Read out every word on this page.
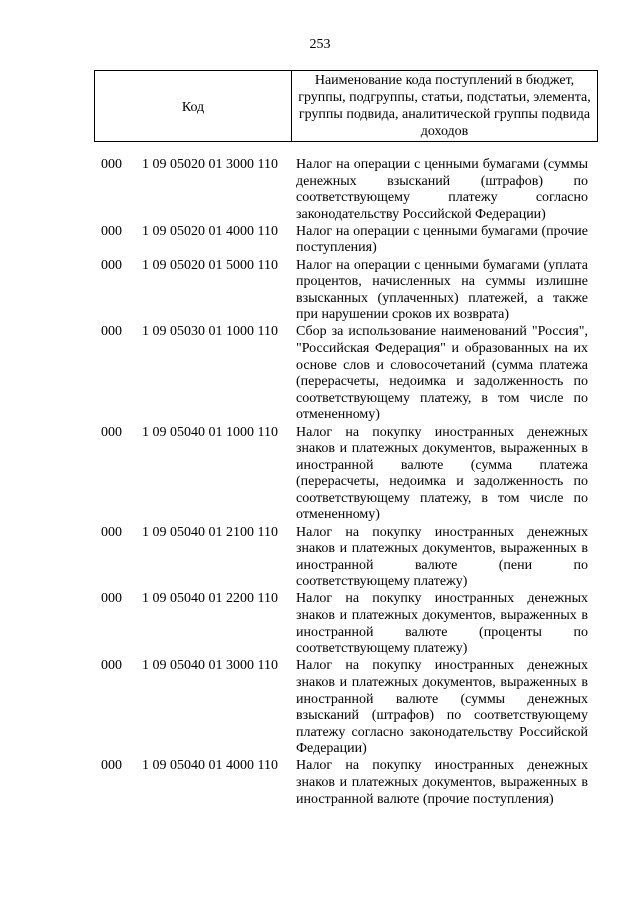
253
Код
Наименование кода поступлений в бюджет, группы, подгруппы, статьи, подстатьи, элемента, группы подвида, аналитической группы подвида доходов
000 1 09 05020 01 3000 110 Налог на операции с ценными бумагами (суммы денежных взысканий (штрафов) по соответствующему платежу согласно законодательству Российской Федерации)
000 1 09 05020 01 4000 110 Налог на операции с ценными бумагами (прочие поступления)
000 1 09 05020 01 5000 110 Налог на операции с ценными бумагами (уплата процентов, начисленных на суммы излишне взысканных (уплаченных) платежей, а также при нарушении сроков их возврата)
000 1 09 05030 01 1000 110 Сбор за использование наименований "Россия", "Российская Федерация" и образованных на их основе слов и словосочетаний (сумма платежа (перерасчеты, недоимка и задолженность по соответствующему платежу, в том числе по отмененному)
000 1 09 05040 01 1000 110 Налог на покупку иностранных денежных знаков и платежных документов, выраженных в иностранной валюте (сумма платежа (перерасчеты, недоимка и задолженность по соответствующему платежу, в том числе по отмененному)
000 1 09 05040 01 2100 110 Налог на покупку иностранных денежных знаков и платежных документов, выраженных в иностранной валюте (пени по соответствующему платежу)
000 1 09 05040 01 2200 110 Налог на покупку иностранных денежных знаков и платежных документов, выраженных в иностранной валюте (проценты по соответствующему платежу)
000 1 09 05040 01 3000 110 Налог на покупку иностранных денежных знаков и платежных документов, выраженных в иностранной валюте (суммы денежных взысканий (штрафов) по соответствующему платежу согласно законодательству Российской Федерации)
000 1 09 05040 01 4000 110 Налог на покупку иностранных денежных знаков и платежных документов, выраженных в иностранной валюте (прочие поступления)
